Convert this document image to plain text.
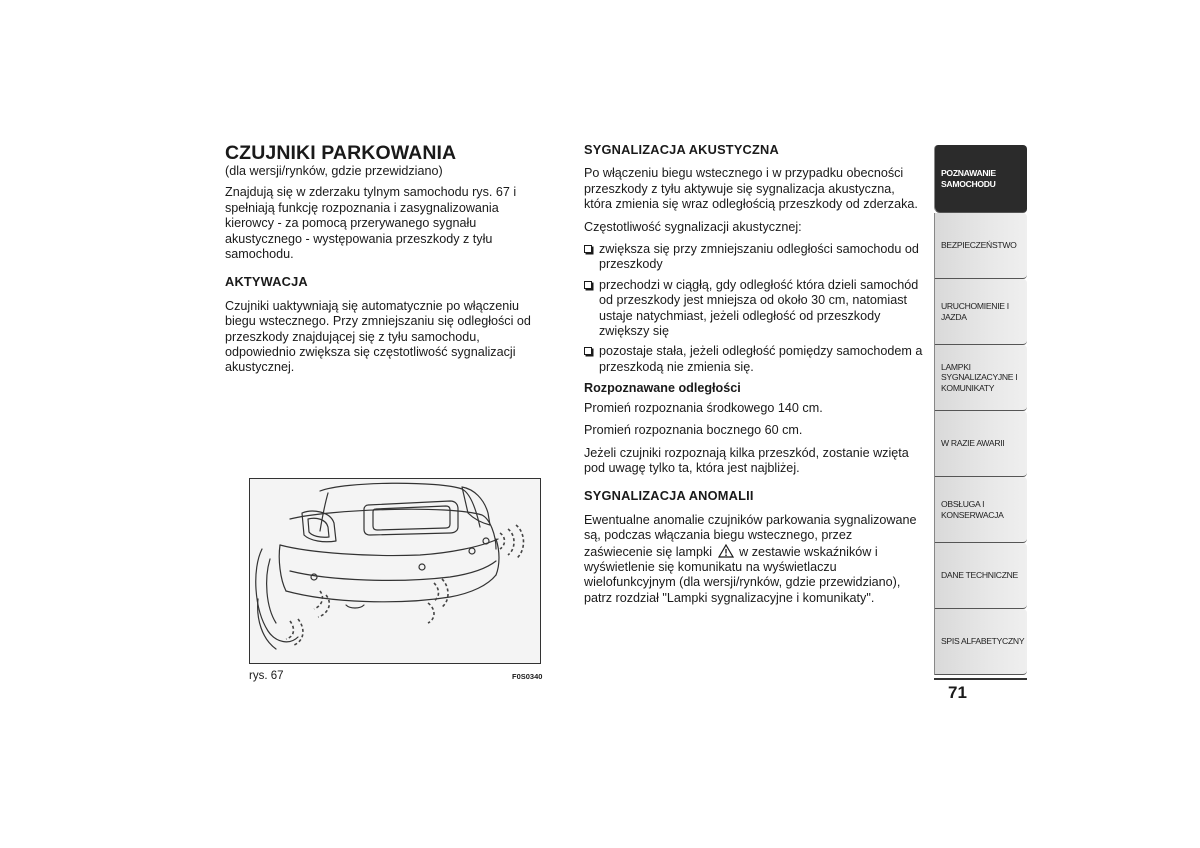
CZUJNIKI PARKOWANIA

(dla wersji/rynków, gdzie przewidziano)

Znajdują się w zderzaku tylnym samochodu rys. 67 i spełniają funkcję rozpoznania i zasygnalizowania kierowcy - za pomocą przerywanego sygnału akustycznego - występowania przeszkody z tyłu samochodu.

AKTYWACJA

Czujniki uaktywniają się automatycznie po włączeniu biegu wstecznego. Przy zmniejszaniu się odległości od przeszkody znajdującej się z tyłu samochodu, odpowiednio zwiększa się częstotliwość sygnalizacji akustycznej.

rys. 67	F0S0340
SYGNALIZACJA AKUSTYCZNA

Po włączeniu biegu wstecznego i w przypadku obecności przeszkody z tyłu aktywuje się sygnalizacja akustyczna, która zmienia się wraz odległością przeszkody od zderzaka.

Częstotliwość sygnalizacji akustycznej:

zwiększa się przy zmniejszaniu odległości samochodu od przeszkody
przechodzi w ciągłą, gdy odległość która dzieli samochód od przeszkody jest mniejsza od około 30 cm, natomiast ustaje natychmiast, jeżeli odległość od przeszkody zwiększy się
pozostaje stała, jeżeli odległość pomiędzy samochodem a przeszkodą nie zmienia się.
Rozpoznawane odległości

Promień rozpoznania środkowego 140 cm.

Promień rozpoznania bocznego 60 cm.

Jeżeli czujniki rozpoznają kilka przeszkód, zostanie wzięta pod uwagę tylko ta, która jest najbliżej.

SYGNALIZACJA ANOMALII

Ewentualne anomalie czujników parkowania sygnalizowane są, podczas włączania biegu wstecznego, przez zaświecenie się lampki w zestawie wskaźników i wyświetlenie się komunikatu na wyświetlaczu wielofunkcyjnym (dla wersji/rynków, gdzie przewidziano), patrz rozdział "Lampki sygnalizacyjne i komunikaty".

POZNAWANIE SAMOCHODU
BEZPIECZEŃSTWO
URUCHOMIENIE I JAZDA
LAMPKI SYGNALIZACYJNE I KOMUNIKATY
W RAZIE AWARII
OBSŁUGA I KONSERWACJA
DANE TECHNICZNE
SPIS ALFABETYCZNY
71
